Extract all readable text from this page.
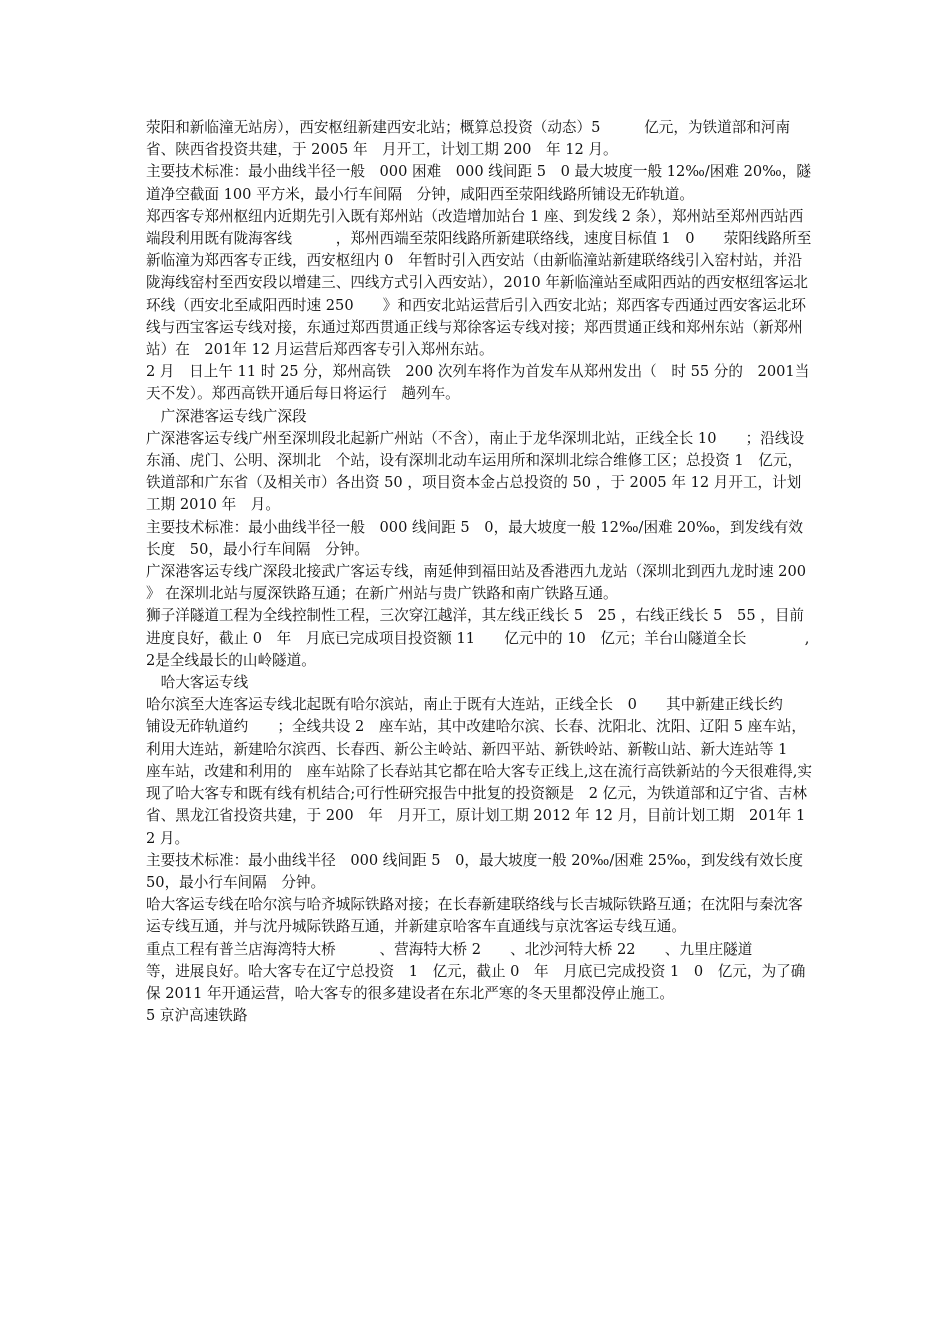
荥阳和新临潼无站房），西安枢纽新建西安北站；概算总投资（动态）5　　　亿元，为铁道部和河南省、陕西省投资共建，于 2005 年　月开工，计划工期 200　年 12 月。

主要技术标准：最小曲线半径一般　000 困难　000 线间距 5　0 最大坡度一般 12‰/困难 20‰，隧道净空截面 100 平方米，最小行车间隔　分钟，咸阳西至荥阳线路所铺设无砟轨道。

郑西客专郑州枢纽内近期先引入既有郑州站（改造增加站台 1 座、到发线 2 条），郑州站至郑州西站西端段利用既有陇海客线　　　，郑州西端至荥阳线路所新建联络线，速度目标值 1　0　　荥阳线路所至新临潼为郑西客专正线，西安枢纽内 0　年暂时引入西安站（由新临潼站新建联络线引入窑村站，并沿陇海线窑村至西安段以增建三、四线方式引入西安站），2010 年新临潼站至咸阳西站的西安枢纽客运北环线（西安北至咸阳西时速 250　　》和西安北站运营后引入西安北站；郑西客专西通过西安客运北环线与西宝客运专线对接，东通过郑西贯通正线与郑徐客运专线对接；郑西贯通正线和郑州东站（新郑州站）在　201年 12 月运营后郑西客专引入郑州东站。

2 月　日上午 11 时 25 分，郑州高铁　200 次列车将作为首发车从郑州发出（　时 55 分的　2001当天不发）。郑西高铁开通后每日将运行　趟列车。

　广深港客运专线广深段

广深港客运专线广州至深圳段北起新广州站（不含），南止于龙华深圳北站，正线全长 10　　；沿线设东涌、虎门、公明、深圳北　个站，设有深圳北动车运用所和深圳北综合维修工区；总投资 1　亿元，铁道部和广东省（及相关市）各出资 50 ，项目资本金占总投资的 50 ，于 2005 年 12 月开工，计划工期 2010 年　月。

主要技术标准：最小曲线半径一般　000 线间距 5　0，最大坡度一般 12‰/困难 20‰，到发线有效长度　50，最小行车间隔　分钟。

广深港客运专线广深段北接武广客运专线，南延伸到福田站及香港西九龙站（深圳北到西九龙时速 200　　》 在深圳北站与厦深铁路互通；在新广州站与贵广铁路和南广铁路互通。

狮子洋隧道工程为全线控制性工程，三次穿江越洋，其左线正线长 5　25 ，右线正线长 5　55 ，目前进度良好，截止 0　年　月底已完成项目投资额 11　　亿元中的 10　亿元；羊台山隧道全长　　　　,2是全线最长的山岭隧道。

　哈大客运专线

哈尔滨至大连客运专线北起既有哈尔滨站，南止于既有大连站，正线全长　0　　其中新建正线长约　　　铺设无砟轨道约　　；全线共设 2　座车站，其中改建哈尔滨、长春、沈阳北、沈阳、辽阳 5 座车站，利用大连站，新建哈尔滨西、长春西、新公主岭站、新四平站、新铁岭站、新鞍山站、新大连站等 1　座车站，改建和利用的　座车站除了长春站其它都在哈大客专正线上,这在流行高铁新站的今天很难得,实现了哈大客专和既有线有机结合;可行性研究报告中批复的投资额是　2 亿元，为铁道部和辽宁省、吉林省、黑龙江省投资共建，于 200　年　月开工，原计划工期 2012 年 12 月，目前计划工期　201年 12 月。

主要技术标准：最小曲线半径　000 线间距 5　0，最大坡度一般 20‰/困难 25‰，到发线有效长度　50，最小行车间隔　分钟。

哈大客运专线在哈尔滨与哈齐城际铁路对接；在长春新建联络线与长吉城际铁路互通；在沈阳与秦沈客运专线互通，并与沈丹城际铁路互通，并新建京哈客车直通线与京沈客运专线互通。

重点工程有普兰店海湾特大桥　　　、营海特大桥 2　　、北沙河特大桥 22　　、九里庄隧道　　　等，进展良好。哈大客专在辽宁总投资　1　亿元，截止 0　年　月底已完成投资 1　0　亿元，为了确保 2011 年开通运营，哈大客专的很多建设者在东北严寒的冬天里都没停止施工。

5 京沪高速铁路
